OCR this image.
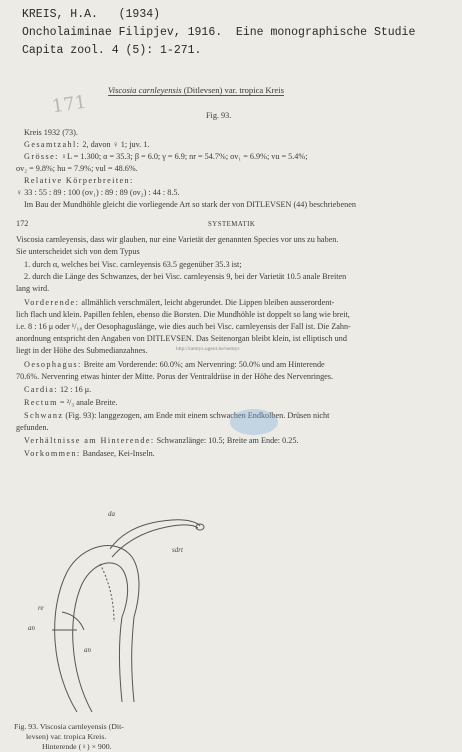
KREIS, H.A.   (1934)
Oncholaiminae Filipjev, 1916.  Eine monographische Studie
Capita zool. 4 (5): 1-271.
171
Viscosia carnleyensis (Ditlevsen) var. tropica Kreis
Fig. 93.
Kreis 1932 (73).
Gesamtzahl: 2, davon ♀ 1; juv. 1.
Grösse: ♀L = 1.300; α = 35.3; β = 6.0; γ = 6.9; nr = 54.7%; ov₁ = 6.9%; vu = 5.4%;
ov₂ = 9.8%; hu = 7.9%; vul = 48.6%.
Relative Körperbreiten:
♀ 33 : 55 : 89 : 100 (ov₁) : 89 : 89 (ov₂) : 44 : 8.5.
Im Bau der Mundhöhle gleicht die vorliegende Art so stark der von DITLEVSEN (44) beschriebenen
172	SYSTEMATIK
Viscosia carnleyensis, dass wir glauben, nur eine Varietät der genannten Species vor uns zu haben.
Sie unterscheidet sich von dem Typus
1. durch α, welches bei Visc. carnleyensis 63.5 gegenüber 35.3 ist;
2. durch die Länge des Schwanzes, der bei Visc. carnleyensis 9, bei der Varietät 10.5 anale Breiten
lang wird.
Vorderende: allmählich verschmälert, leicht abgerundet. Die Lippen bleiben ausserordent-
lich flach und klein. Papillen fehlen, ebenso die Borsten. Die Mundhöhle ist doppelt so lang wie breit,
i.e. 8 : 16 μ oder ¹/₁₈ der Oesophaguslänge, wie dies auch bei Visc. carnleyensis der Fall ist. Die Zahn-
anordnung entspricht den Angaben von DITLEVSEN. Das Seitenorgan bleibt klein, ist elliptisch und
liegt in der Höhe des Submedianzahnes.	http://nemys.ugent.be/nemys
Oesophagus: Breite am Vorderende: 60.0%; am Nervenring: 50.0% und am Hinterende
70.6%. Nervenring etwas hinter der Mitte. Porus der Ventraldrüse in der Höhe des Nervenringes.
Cardia: 12 : 16 μ.
Rectum = ²/₃ anale Breite.
Schwanz (Fig. 93): langgezogen, am Ende mit einem schwachen Endkolben. Drüsen nicht
gefunden.
Verhältnisse am Hinterende: Schwanzlänge: 10.5; Breite am Ende: 0.25.
Vorkommen: Bandasee, Kei-Inseln.
da
re
an
an
sdrt
Fig. 93. Viscosia carnleyensis (Dit-
levsen) var. tropica Kreis.
Hinterende (♀) × 900.
